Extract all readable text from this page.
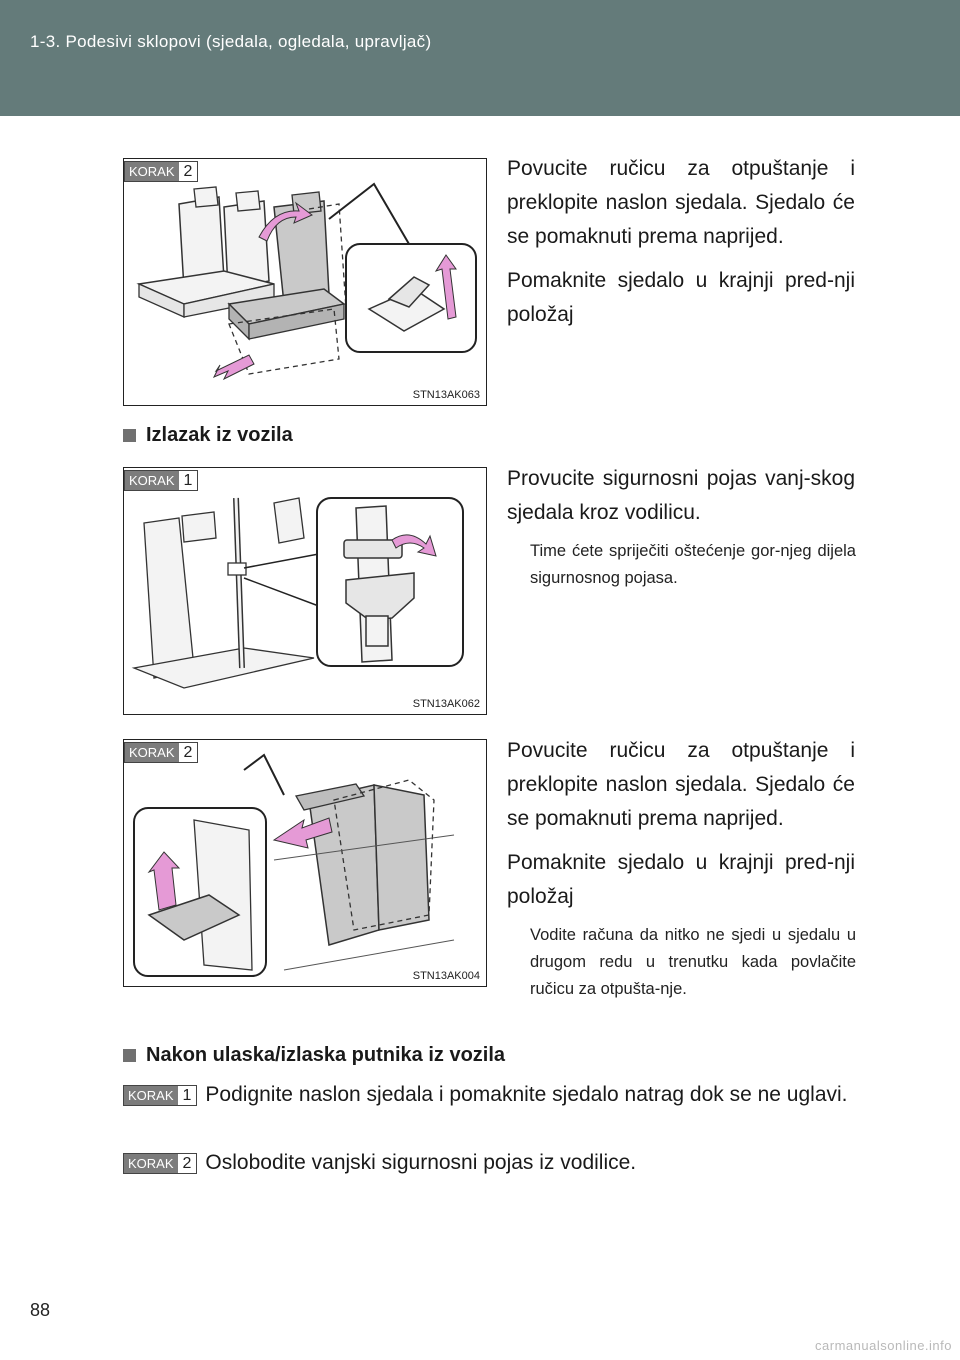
1-3. Podesivi sklopovi (sjedala, ogledala, upravljač)
KORAK 2
STN13AK063

Povucite ručicu za otpuštanje i preklopite naslon sjedala. Sjedalo će se pomaknuti prema naprijed.

Pomaknite sjedalo u krajnji pred-nji položaj

Izlazak iz vozila
KORAK 1
STN13AK062

Provucite sigurnosni pojas vanj-skog sjedala kroz vodilicu.

Time ćete spriječiti oštećenje gor-njeg dijela sigurnosnog pojasa.
KORAK 2
STN13AK004

Povucite ručicu za otpuštanje i preklopite naslon sjedala. Sjedalo će se pomaknuti prema naprijed.

Pomaknite sjedalo u krajnji pred-nji položaj

Vodite računa da nitko ne sjedi u sjedalu u drugom redu u trenutku kada povlačite ručicu za otpušta-nje.
Nakon ulaska/izlaska putnika iz vozila
KORAK 1 Podignite naslon sjedala i pomaknite sjedalo natrag dok se ne uglavi.
KORAK 2 Oslobodite vanjski sigurnosni pojas iz vodilice.
88
carmanualsonline.info
